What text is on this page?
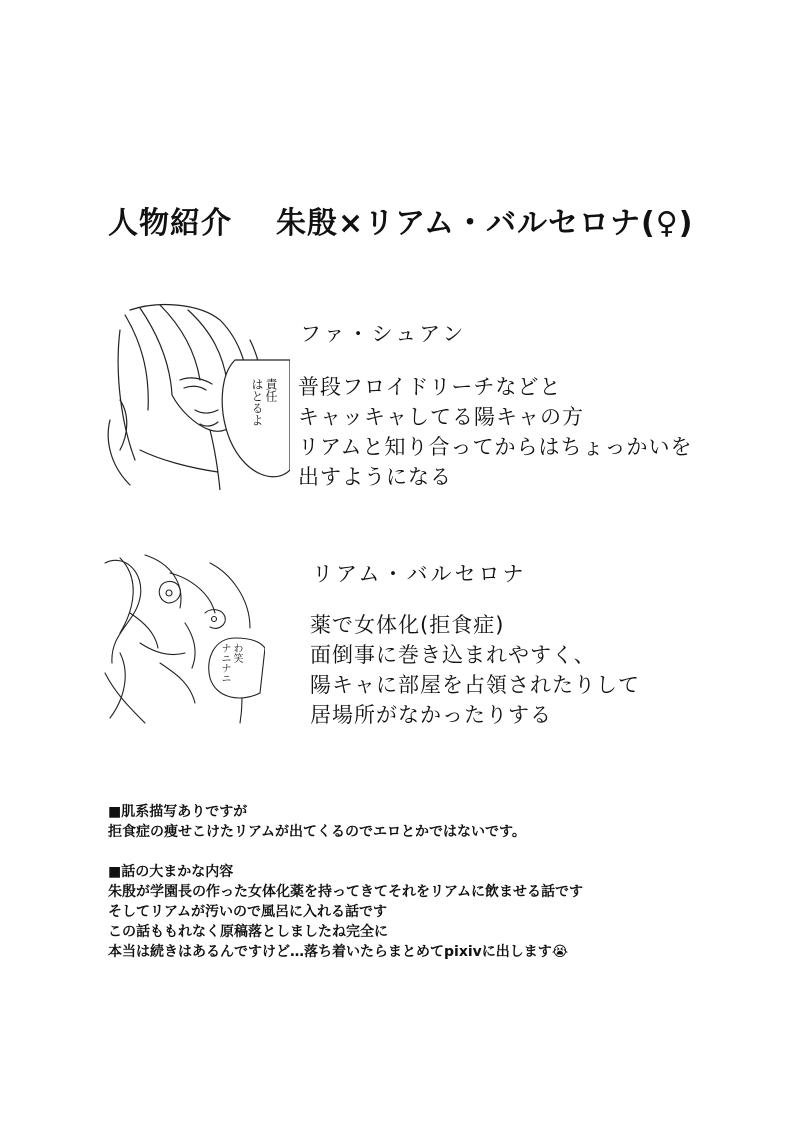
人物紹介 朱殷×リアム・バルセロナ(♀)
責任
はとるよ
ファ・シュアン
普段フロイドリーチなどと
キャッキャしてる陽キャの方
リアムと知り合ってからはちょっかいを
出すようになる
わ笑
ナニナニ
リアム・バルセロナ
薬で女体化(拒食症)
面倒事に巻き込まれやすく、
陽キャに部屋を占領されたりして
居場所がなかったりする
■肌系描写ありですが
拒食症の痩せこけたリアムが出てくるのでエロとかではないです。
■話の大まかな内容
朱殷が学園長の作った女体化薬を持ってきてそれをリアムに飲ませる話です
そしてリアムが汚いので風呂に入れる話です
この話ももれなく原稿落としましたね完全に
本当は続きはあるんですけど…落ち着いたらまとめてpixivに出します😭
